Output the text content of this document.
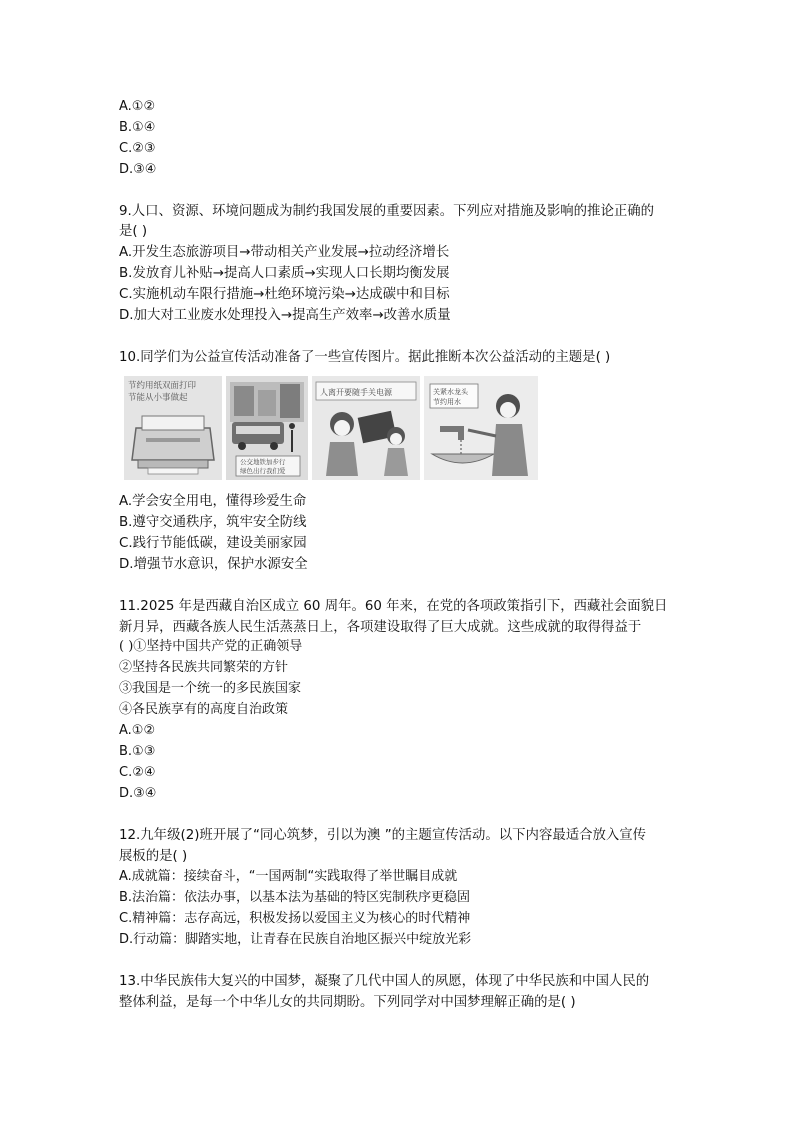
A.①②
B.①④
C.②③
D.③④
9.人口、资源、环境问题成为制约我国发展的重要因素。下列应对措施及影响的推论正确的
是( )
A.开发生态旅游项目→带动相关产业发展→拉动经济增长
B.发放育儿补贴→提高人口素质→实现人口长期均衡发展
C.实施机动车限行措施→杜绝环境污染→达成碳中和目标
D.加大对工业废水处理投入→提高生产效率→改善水质量
10.同学们为公益宣传活动准备了一些宣传图片。据此推断本次公益活动的主题是( )
节约用纸双面打印
节能从小事做起
公交地铁加步行
绿色出行我们爱
人离开要随手关电源	关紧水龙头
节约用水
A.学会安全用电，懂得珍爱生命
B.遵守交通秩序，筑牢安全防线
C.践行节能低碳，建设美丽家园
D.增强节水意识，保护水源安全
11.2025 年是西藏自治区成立 60 周年。60 年来，在党的各项政策指引下，西藏社会面貌日
新月异，西藏各族人民生活蒸蒸日上，各项建设取得了巨大成就。这些成就的取得得益于
( )①坚持中国共产党的正确领导
②坚持各民族共同繁荣的方针
③我国是一个统一的多民族国家
④各民族享有的高度自治政策
A.①②
B.①③
C.②④
D.③④
12.九年级(2)班开展了“同心筑梦，引以为澳 ”的主题宣传活动。以下内容最适合放入宣传
展板的是( )
A.成就篇：接续奋斗，“一国两制“实践取得了举世瞩目成就
B.法治篇：依法办事，以基本法为基础的特区宪制秩序更稳固
C.精神篇：志存高远，积极发扬以爱国主义为核心的时代精神
D.行动篇：脚踏实地，让青春在民族自治地区振兴中绽放光彩
13.中华民族伟大复兴的中国梦，凝聚了几代中国人的夙愿，体现了中华民族和中国人民的
整体利益，是每一个中华儿女的共同期盼。下列同学对中国梦理解正确的是( )
